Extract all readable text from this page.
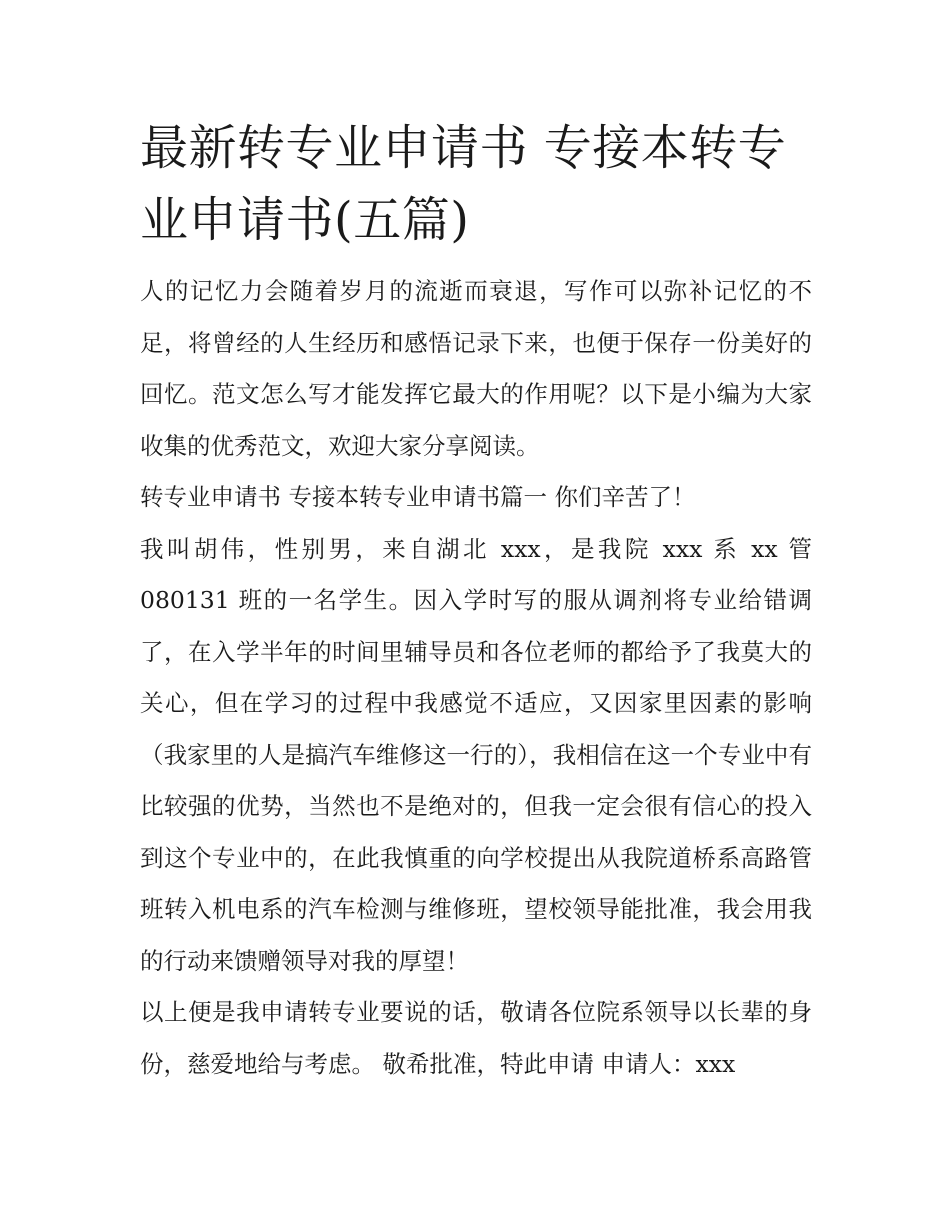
最新转专业申请书 专接本转专业申请书(五篇)

人的记忆力会随着岁月的流逝而衰退，写作可以弥补记忆的不足，将曾经的人生经历和感悟记录下来，也便于保存一份美好的回忆。范文怎么写才能发挥它最大的作用呢？以下是小编为大家收集的优秀范文，欢迎大家分享阅读。

转专业申请书 专接本转专业申请书篇一 你们辛苦了！

我叫胡伟，性别男，来自湖北 xxx，是我院 xxx 系 xx 管 080131 班的一名学生。因入学时写的服从调剂将专业给错调了，在入学半年的时间里辅导员和各位老师的都给予了我莫大的关心，但在学习的过程中我感觉不适应，又因家里因素的影响（我家里的人是搞汽车维修这一行的），我相信在这一个专业中有比较强的优势，当然也不是绝对的，但我一定会很有信心的投入到这个专业中的，在此我慎重的向学校提出从我院道桥系高路管班转入机电系的汽车检测与维修班，望校领导能批准，我会用我的行动来馈赠领导对我的厚望！

以上便是我申请转专业要说的话，敬请各位院系领导以长辈的身份，慈爱地给与考虑。 敬希批准，特此申请 申请人：xxx
